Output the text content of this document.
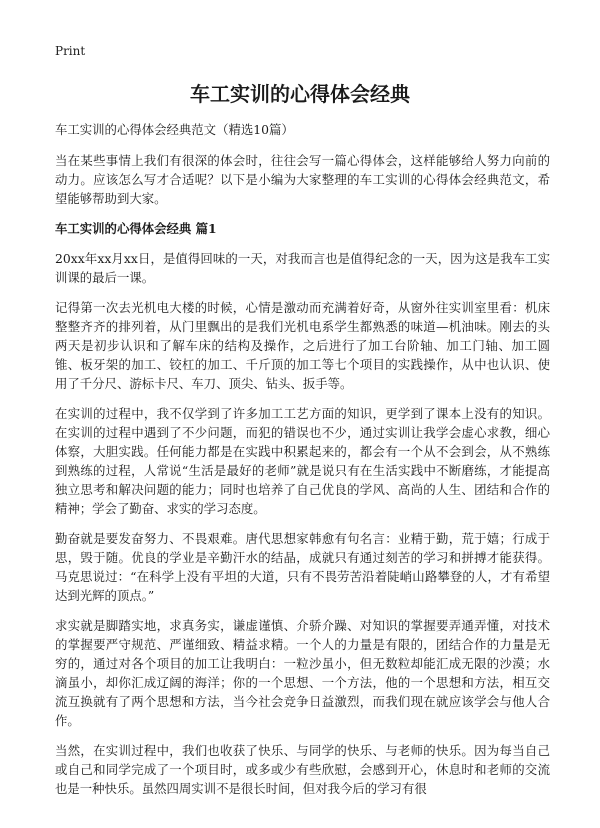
Print
车工实训的心得体会经典

车工实训的心得体会经典范文（精选10篇）

当在某些事情上我们有很深的体会时，往往会写一篇心得体会，这样能够给人努力向前的动力。应该怎么写才合适呢？以下是小编为大家整理的车工实训的心得体会经典范文，希望能够帮助到大家。

车工实训的心得体会经典 篇1

20xx年xx月xx日，是值得回味的一天，对我而言也是值得纪念的一天，因为这是我车工实训课的最后一课。

记得第一次去光机电大楼的时候，心情是激动而充满着好奇，从窗外往实训室里看：机床整整齐齐的排列着，从门里飘出的是我们光机电系学生都熟悉的味道—机油味。刚去的头两天是初步认识和了解车床的结构及操作，之后进行了加工台阶轴、加工门轴、加工圆锥、板牙架的加工、铰杠的加工、千斤顶的加工等七个项目的实践操作，从中也认识、使用了千分尺、游标卡尺、车刀、顶尖、钻头、扳手等。

在实训的过程中，我不仅学到了许多加工工艺方面的知识，更学到了课本上没有的知识。在实训的过程中遇到了不少问题，而犯的错误也不少，通过实训让我学会虚心求教，细心体察，大胆实践。任何能力都是在实践中积累起来的，都会有一个从不会到会，从不熟练到熟练的过程，人常说“生活是最好的老师”就是说只有在生活实践中不断磨练，才能提高独立思考和解决问题的能力；同时也培养了自己优良的学风、高尚的人生、团结和合作的精神；学会了勤奋、求实的学习态度。

勤奋就是要发奋努力、不畏艰难。唐代思想家韩愈有句名言：业精于勤，荒于嬉；行成于思，毁于随。优良的学业是辛勤汗水的结晶，成就只有通过刻苦的学习和拼搏才能获得。马克思说过：“在科学上没有平坦的大道，只有不畏劳苦沿着陡峭山路攀登的人，才有希望达到光辉的顶点。”

求实就是脚踏实地，求真务实，谦虚谨慎、介骄介躁、对知识的掌握要弄通弄懂，对技术的掌握要严守规范、严谨细致、精益求精。一个人的力量是有限的，团结合作的力量是无穷的，通过对各个项目的加工让我明白：一粒沙虽小，但无数粒却能汇成无限的沙漠；水滴虽小，却你汇成辽阔的海洋；你的一个思想、一个方法，他的一个思想和方法，相互交流互换就有了两个思想和方法，当今社会竞争日益激烈，而我们现在就应该学会与他人合作。

当然，在实训过程中，我们也收获了快乐、与同学的快乐、与老师的快乐。因为每当自己或自己和同学完成了一个项目时，或多或少有些欣慰，会感到开心，休息时和老师的交流也是一种快乐。虽然四周实训不是很长时间，但对我今后的学习有很
